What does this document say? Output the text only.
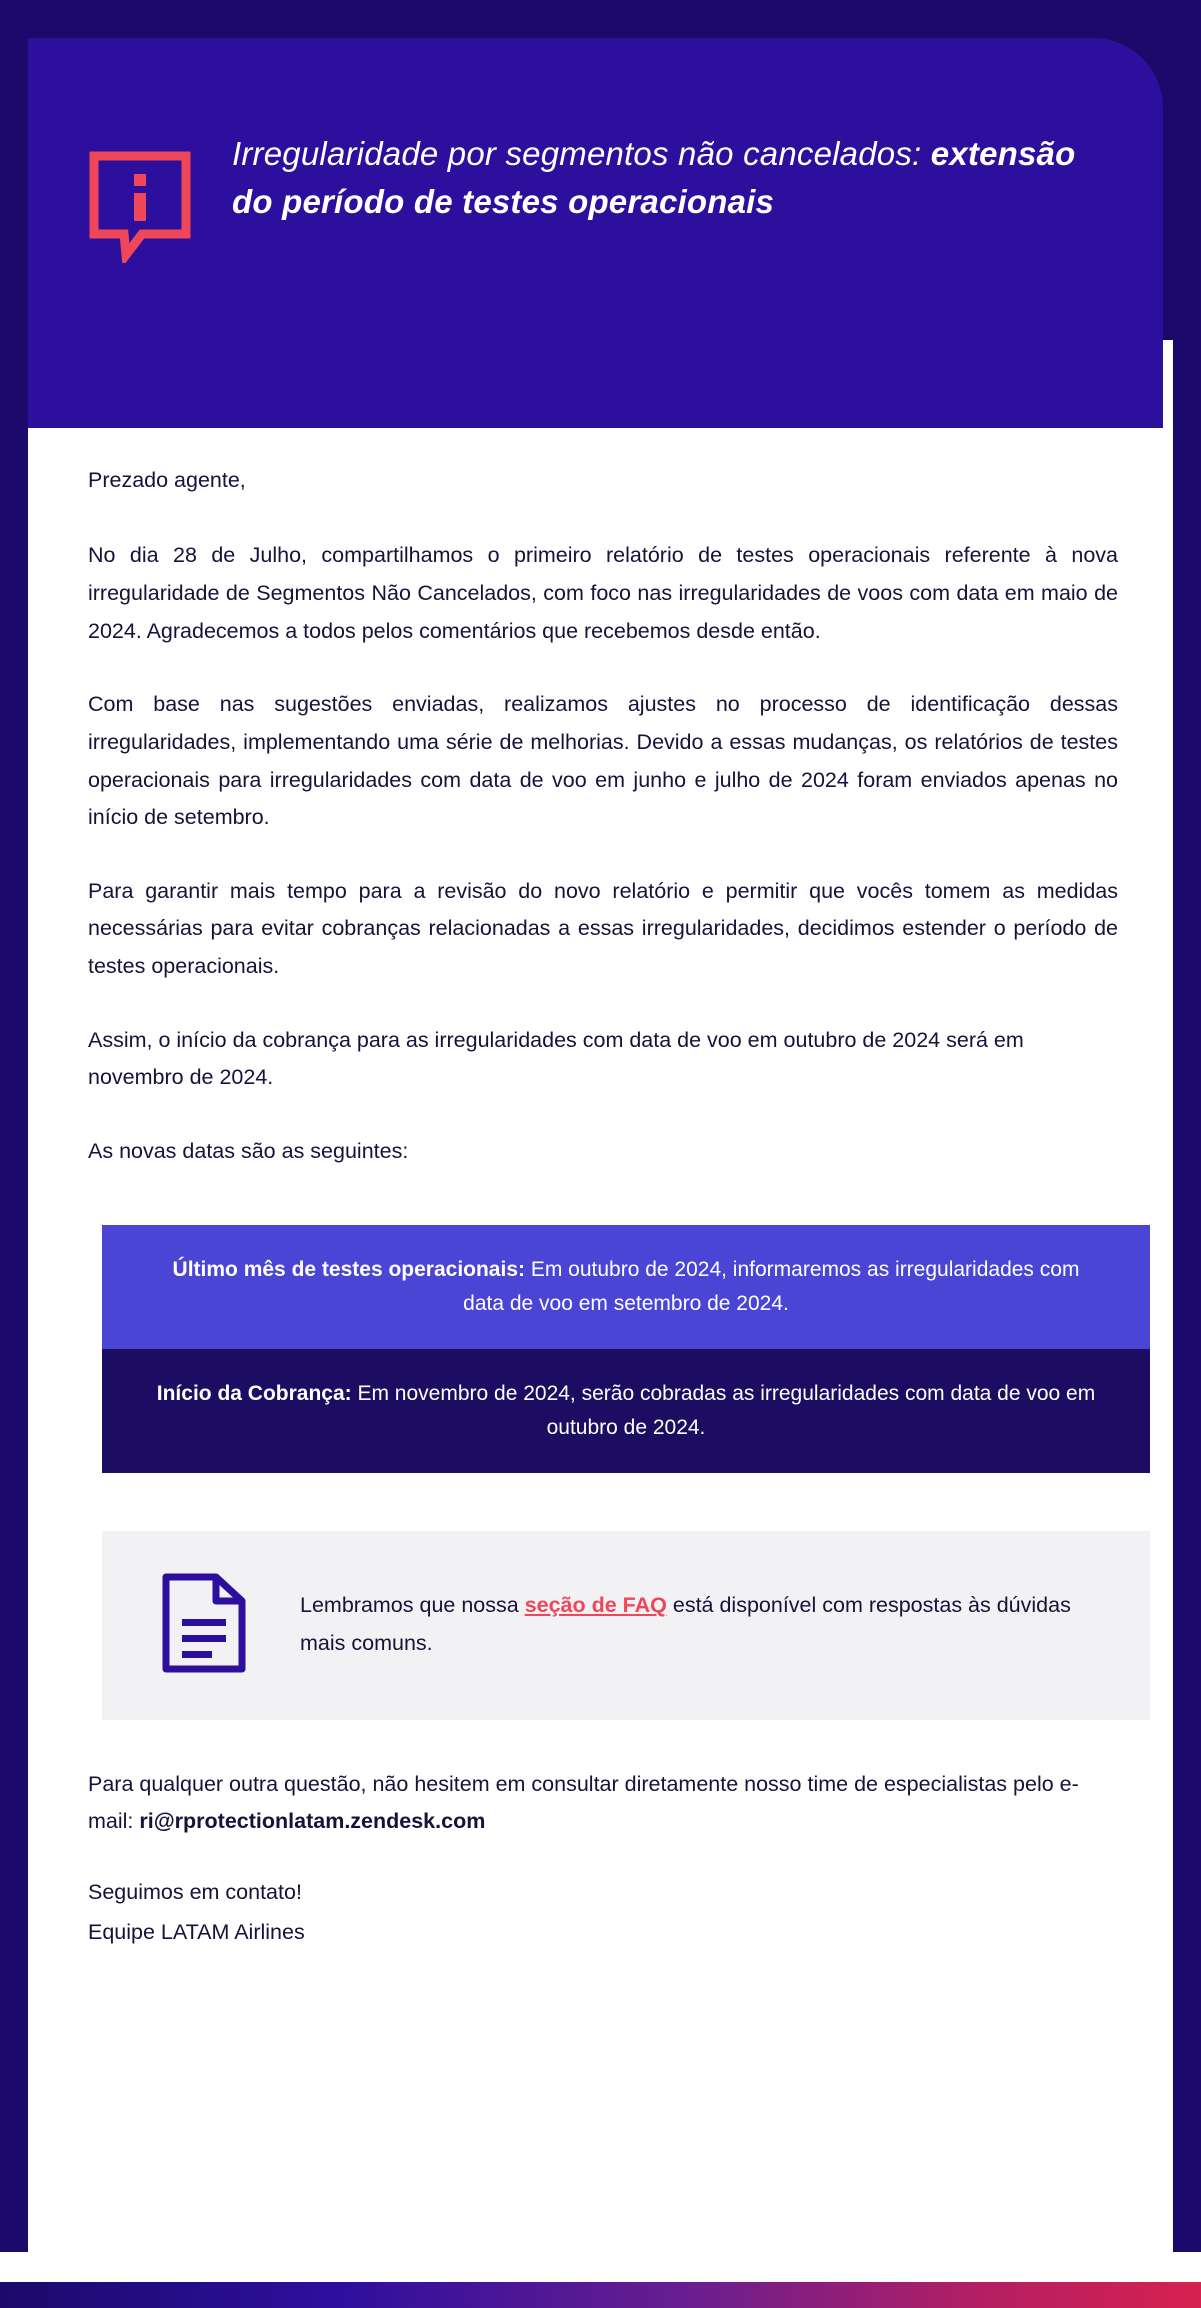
Irregularidade por segmentos não cancelados: extensão do período de testes operacionais

Prezado agente,

No dia 28 de Julho, compartilhamos o primeiro relatório de testes operacionais referente à nova irregularidade de Segmentos Não Cancelados, com foco nas irregularidades de voos com data em maio de 2024. Agradecemos a todos pelos comentários que recebemos desde então.

Com base nas sugestões enviadas, realizamos ajustes no processo de identificação dessas irregularidades, implementando uma série de melhorias. Devido a essas mudanças, os relatórios de testes operacionais para irregularidades com data de voo em junho e julho de 2024 foram enviados apenas no início de setembro.

Para garantir mais tempo para a revisão do novo relatório e permitir que vocês tomem as medidas necessárias para evitar cobranças relacionadas a essas irregularidades, decidimos estender o período de testes operacionais.

Assim, o início da cobrança para as irregularidades com data de voo em outubro de 2024 será em novembro de 2024.

As novas datas são as seguintes:

Último mês de testes operacionais: Em outubro de 2024, informaremos as irregularidades com data de voo em setembro de 2024.
Início da Cobrança: Em novembro de 2024, serão cobradas as irregularidades com data de voo em outubro de 2024.
Lembramos que nossa seção de FAQ está disponível com respostas às dúvidas mais comuns.

Para qualquer outra questão, não hesitem em consultar diretamente nosso time de especialistas pelo e-mail: ri@rprotectionlatam.zendesk.com

Seguimos em contato!

Equipe LATAM Airlines
